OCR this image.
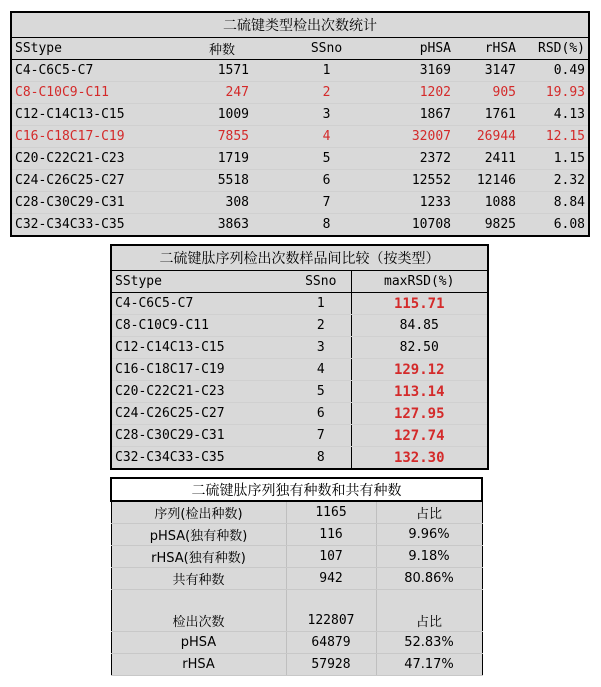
二硫键类型检出次数统计					
SStype	种数	SSno	pHSA	rHSA	RSD(%)
C4-C6C5-C7	1571	1	3169	3147	0.49
C8-C10C9-C11	247	2	1202	905	19.93
C12-C14C13-C15	1009	3	1867	1761	4.13
C16-C18C17-C19	7855	4	32007	26944	12.15
C20-C22C21-C23	1719	5	2372	2411	1.15
C24-C26C25-C27	5518	6	12552	12146	2.32
C28-C30C29-C31	308	7	1233	1088	8.84
C32-C34C33-C35	3863	8	10708	9825	6.08
二硫键肽序列检出次数样品间比较（按类型）		
SStype	SSno	maxRSD(%)
C4-C6C5-C7	1	115.71
C8-C10C9-C11	2	84.85
C12-C14C13-C15	3	82.50
C16-C18C17-C19	4	129.12
C20-C22C21-C23	5	113.14
C24-C26C25-C27	6	127.95
C28-C30C29-C31	7	127.74
C32-C34C33-C35	8	132.30
二硫键肽序列独有种数和共有种数		
序列(检出种数)	1165	占比
pHSA(独有种数)	116	9.96%
rHSA(独有种数)	107	9.18%
共有种数	942	80.86%

检出次数	122807	占比
pHSA	64879	52.83%
rHSA	57928	47.17%
